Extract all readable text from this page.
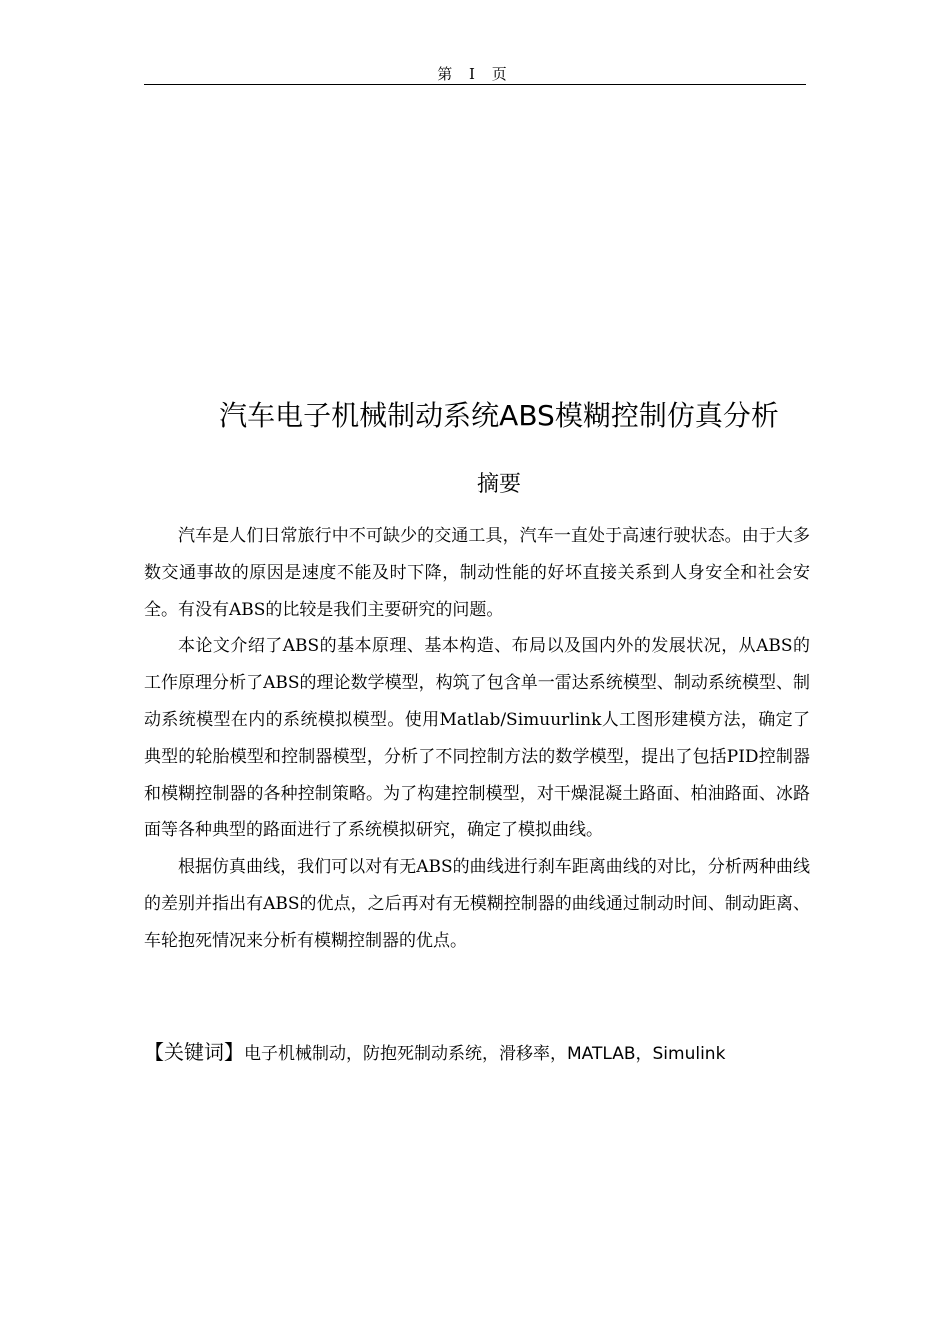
第 I 页
汽车电子机械制动系统ABS模糊控制仿真分析
摘要

汽车是人们日常旅行中不可缺少的交通工具，汽车一直处于高速行驶状态。由于大多数交通事故的原因是速度不能及时下降，制动性能的好坏直接关系到人身安全和社会安全。有没有ABS的比较是我们主要研究的问题。

本论文介绍了ABS的基本原理、基本构造、布局以及国内外的发展状况，从ABS的工作原理分析了ABS的理论数学模型，构筑了包含单一雷达系统模型、制动系统模型、制动系统模型在内的系统模拟模型。使用Matlab/Simuurlink人工图形建模方法，确定了典型的轮胎模型和控制器模型，分析了不同控制方法的数学模型，提出了包括PID控制器和模糊控制器的各种控制策略。为了构建控制模型，对干燥混凝土路面、柏油路面、冰路面等各种典型的路面进行了系统模拟研究，确定了模拟曲线。

根据仿真曲线，我们可以对有无ABS的曲线进行刹车距离曲线的对比，分析两种曲线的差别并指出有ABS的优点，之后再对有无模糊控制器的曲线通过制动时间、制动距离、车轮抱死情况来分析有模糊控制器的优点。

【关键词】电子机械制动，防抱死制动系统，滑移率，MATLAB，Simulink
